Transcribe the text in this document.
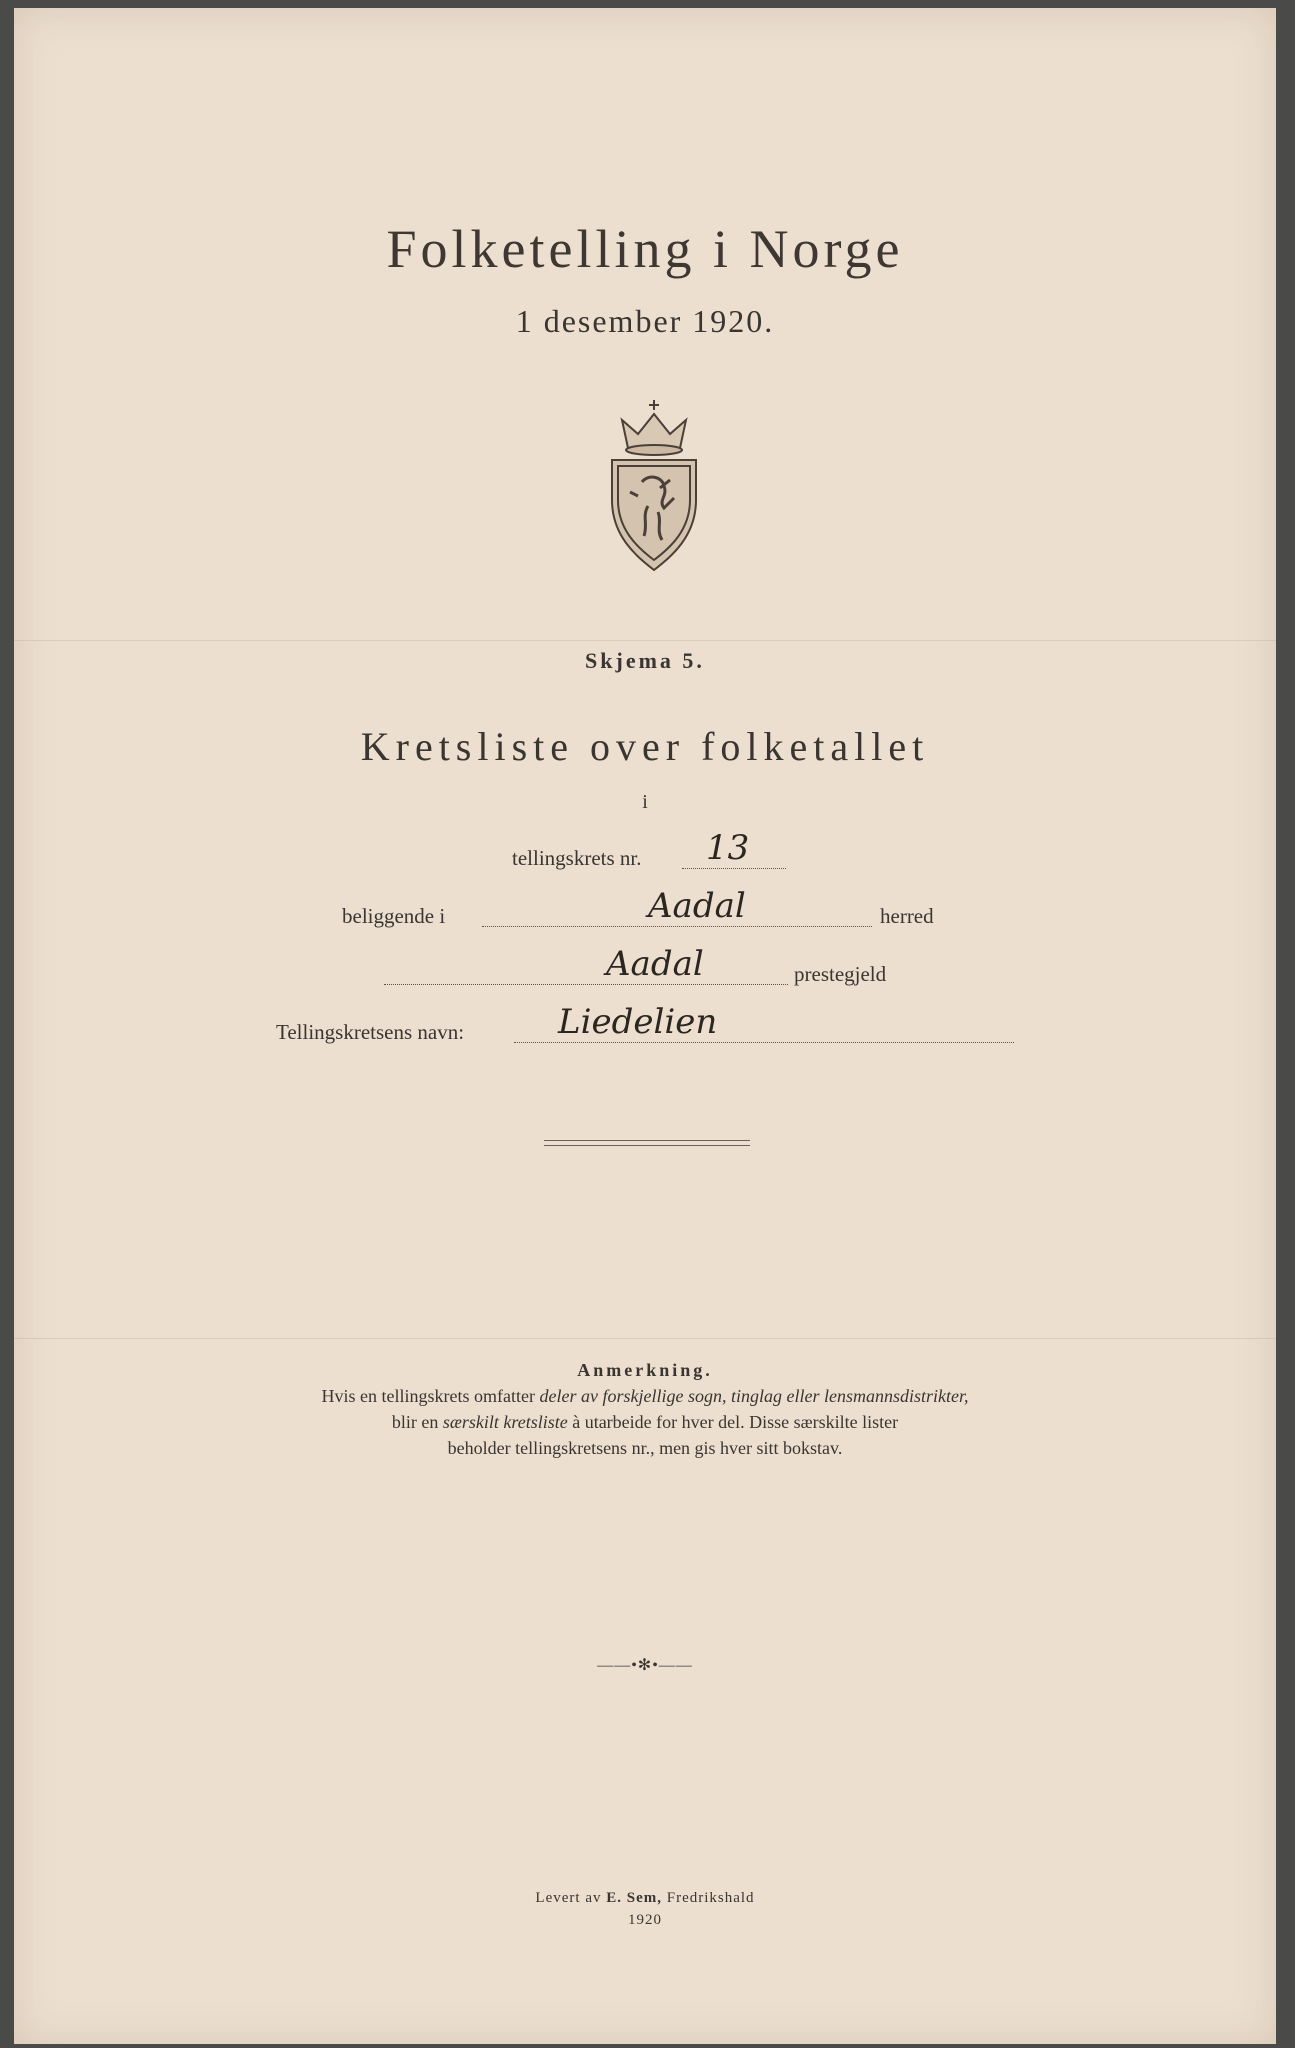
Folketelling i Norge
1 desember 1920.
Skjema 5.
Kretsliste over folketallet
i
tellingskrets nr. 13
beliggende i	Aadal	herred
Aadal	prestegjeld
Tellingskretsens navn:	Liedelien
Anmerkning.
Hvis en tellingskrets omfatter deler av forskjellige sogn, tinglag eller lensmannsdistrikter,
blir en særskilt kretsliste à utarbeide for hver del. Disse særskilte lister
beholder tellingskretsens nr., men gis hver sitt bokstav.
——•✻•——
Levert av E. Sem, Fredrikshald
1920
